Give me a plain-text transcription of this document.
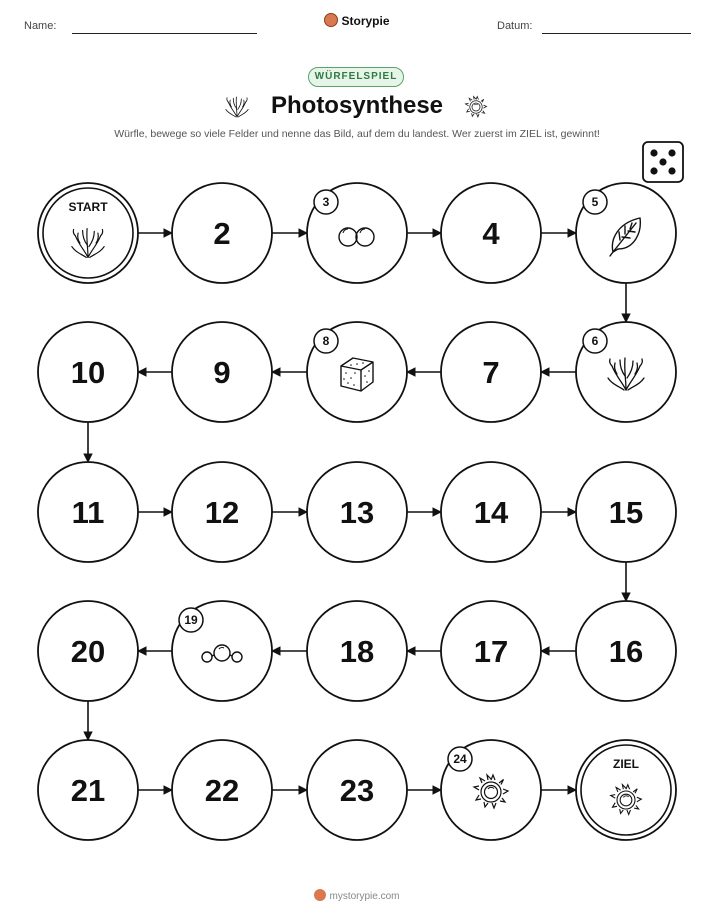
Name:	Storypie	Datum:
WÜRFELSPIEL
Photosynthese
Würfle, bewege so viele Felder und nenne das Bild, auf dem du landest. Wer zuerst im ZIEL ist, gewinnt!
START
2
3
4
5
6
7
8
9
10
11	12	13	14	15
16
17
18
19
20
21	22	23
24	ZIEL
mystorypie.com
